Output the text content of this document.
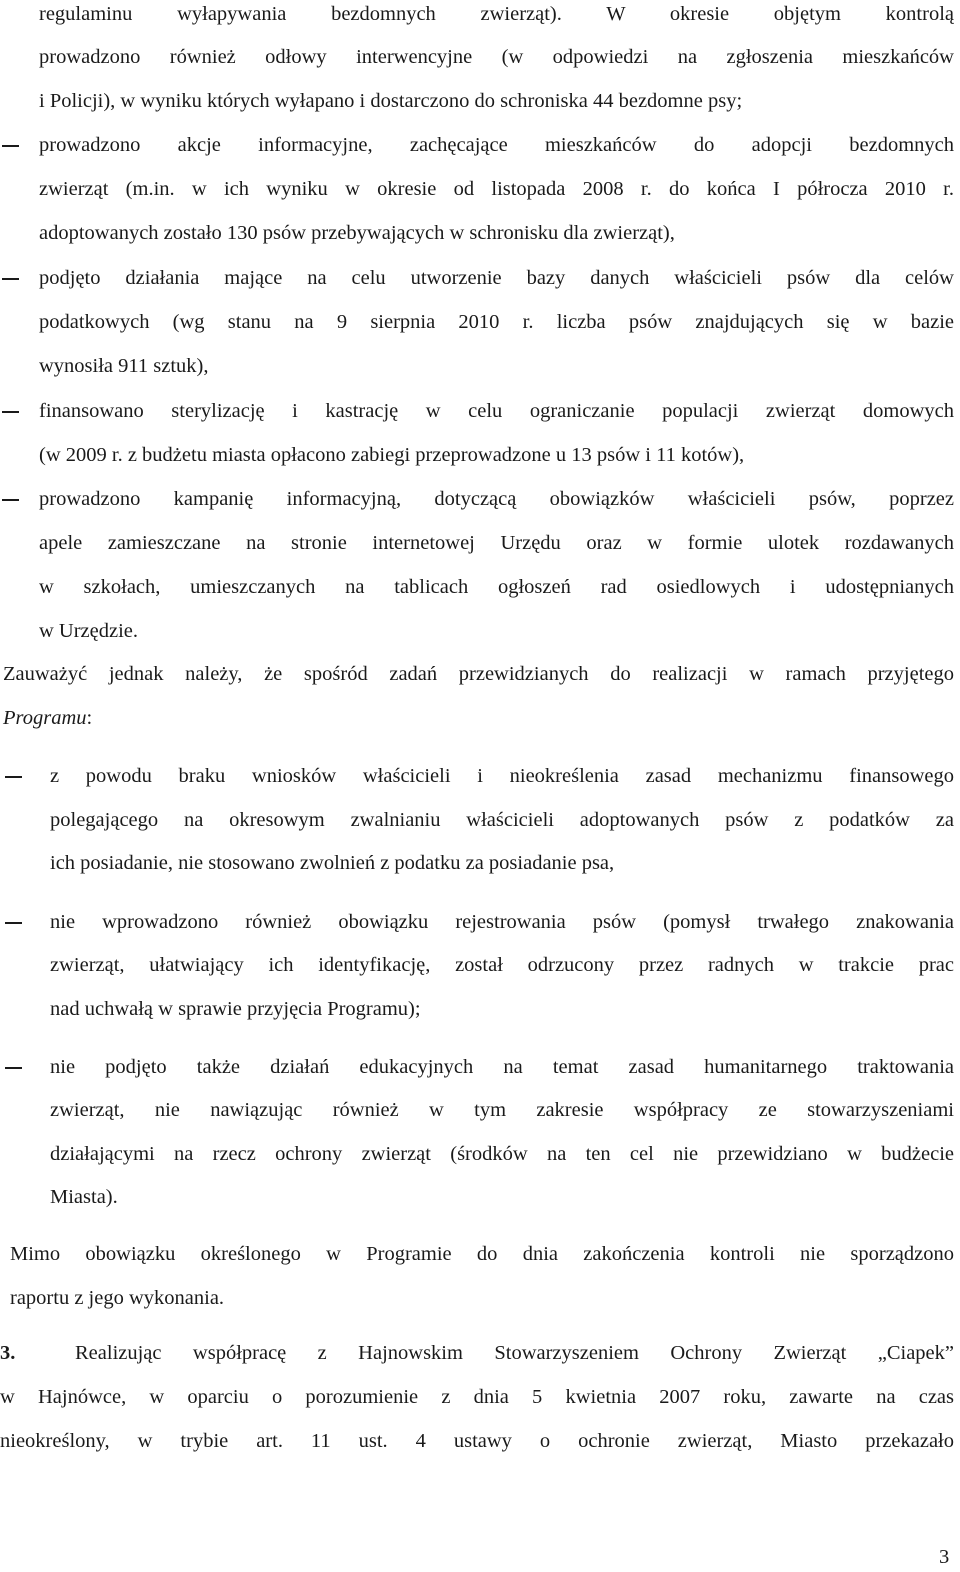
regulaminu wyłapywania bezdomnych zwierząt). W okresie objętym kontrolą
prowadzono również odłowy interwencyjne (w odpowiedzi na zgłoszenia mieszkańców
i Policji), w wyniku których wyłapano i dostarczono do schroniska 44 bezdomne psy;
prowadzono akcje informacyjne, zachęcające mieszkańców do adopcji bezdomnych
zwierząt (m.in. w ich wyniku w okresie od listopada 2008 r. do końca I półrocza 2010 r.
adoptowanych zostało 130 psów przebywających w schronisku dla zwierząt),
podjęto działania mające na celu utworzenie bazy danych właścicieli psów dla celów
podatkowych (wg stanu na 9 sierpnia 2010 r. liczba psów znajdujących się w bazie
wynosiła 911 sztuk),
finansowano sterylizację i kastrację w celu ograniczanie populacji zwierząt domowych
(w 2009 r. z budżetu miasta opłacono zabiegi przeprowadzone u 13 psów i 11 kotów),
prowadzono kampanię informacyjną, dotyczącą obowiązków właścicieli psów, poprzez
apele zamieszczane na stronie internetowej Urzędu oraz w formie ulotek rozdawanych
w szkołach, umieszczanych na tablicach ogłoszeń rad osiedlowych i udostępnianych
w Urzędzie.
Zauważyć jednak należy, że spośród zadań przewidzianych do realizacji w ramach przyjętego
Programu:
z powodu braku wniosków właścicieli i nieokreślenia zasad mechanizmu finansowego
polegającego na okresowym zwalnianiu właścicieli adoptowanych psów z podatków za
ich posiadanie, nie stosowano zwolnień z podatku za posiadanie psa,
nie wprowadzono również obowiązku rejestrowania psów (pomysł trwałego znakowania
zwierząt, ułatwiający ich identyfikację, został odrzucony przez radnych w trakcie prac
nad uchwałą w sprawie przyjęcia Programu);
nie podjęto także działań edukacyjnych na temat zasad humanitarnego traktowania
zwierząt, nie nawiązując również w tym zakresie współpracy ze stowarzyszeniami
działającymi na rzecz ochrony zwierząt (środków na ten cel nie przewidziano w budżecie
Miasta).
Mimo obowiązku określonego w Programie do dnia zakończenia kontroli nie sporządzono
raportu z jego wykonania.
3.	Realizując współpracę z Hajnowskim Stowarzyszeniem Ochrony Zwierząt „Ciapek”
w Hajnówce, w oparciu o porozumienie z dnia 5 kwietnia 2007 roku, zawarte na czas
nieokreślony, w trybie art. 11 ust. 4 ustawy o ochronie zwierząt, Miasto przekazało
3
